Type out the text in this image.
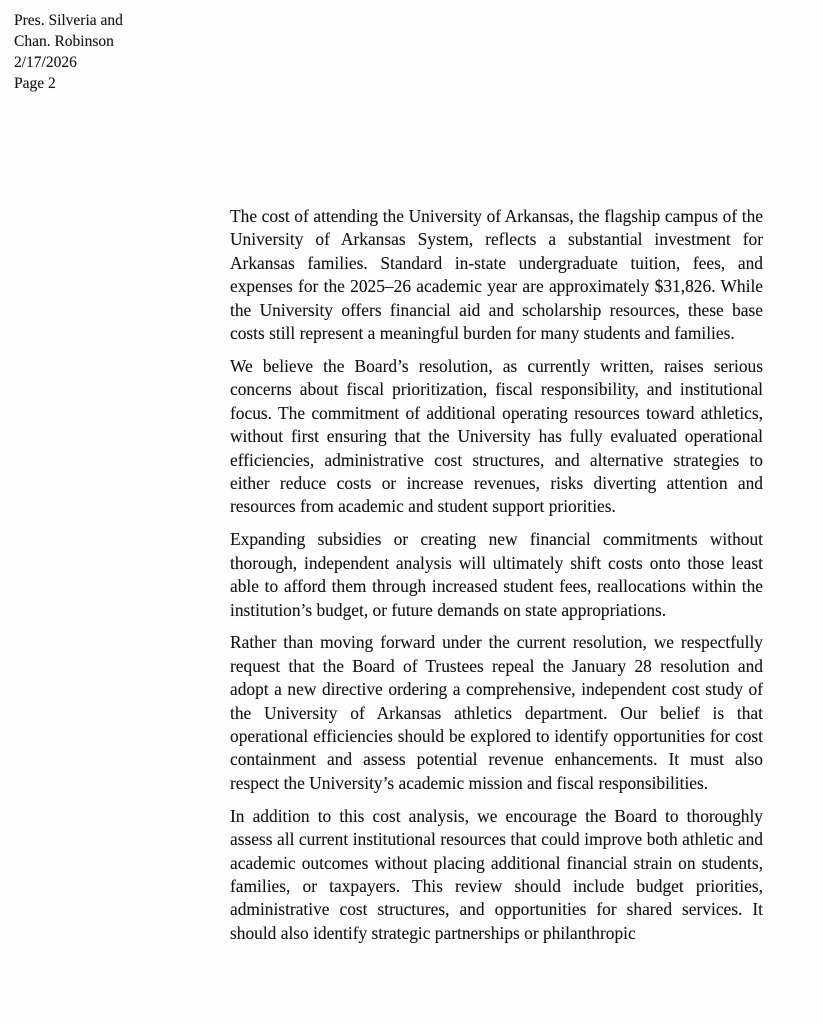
Pres. Silveria and
Chan. Robinson
2/17/2026
Page 2

The cost of attending the University of Arkansas, the flagship campus of the University of Arkansas System, reflects a substantial investment for Arkansas families. Standard in-state undergraduate tuition, fees, and expenses for the 2025–26 academic year are approximately $31,826. While the University offers financial aid and scholarship resources, these base costs still represent a meaningful burden for many students and families.

We believe the Board’s resolution, as currently written, raises serious concerns about fiscal prioritization, fiscal responsibility, and institutional focus. The commitment of additional operating resources toward athletics, without first ensuring that the University has fully evaluated operational efficiencies, administrative cost structures, and alternative strategies to either reduce costs or increase revenues, risks diverting attention and resources from academic and student support priorities.

Expanding subsidies or creating new financial commitments without thorough, independent analysis will ultimately shift costs onto those least able to afford them through increased student fees, reallocations within the institution’s budget, or future demands on state appropriations.

Rather than moving forward under the current resolution, we respectfully request that the Board of Trustees repeal the January 28 resolution and adopt a new directive ordering a comprehensive, independent cost study of the University of Arkansas athletics department. Our belief is that operational efficiencies should be explored to identify opportunities for cost containment and assess potential revenue enhancements. It must also respect the University’s academic mission and fiscal responsibilities.

In addition to this cost analysis, we encourage the Board to thoroughly assess all current institutional resources that could improve both athletic and academic outcomes without placing additional financial strain on students, families, or taxpayers. This review should include budget priorities, administrative cost structures, and opportunities for shared services. It should also identify strategic partnerships or philanthropic
